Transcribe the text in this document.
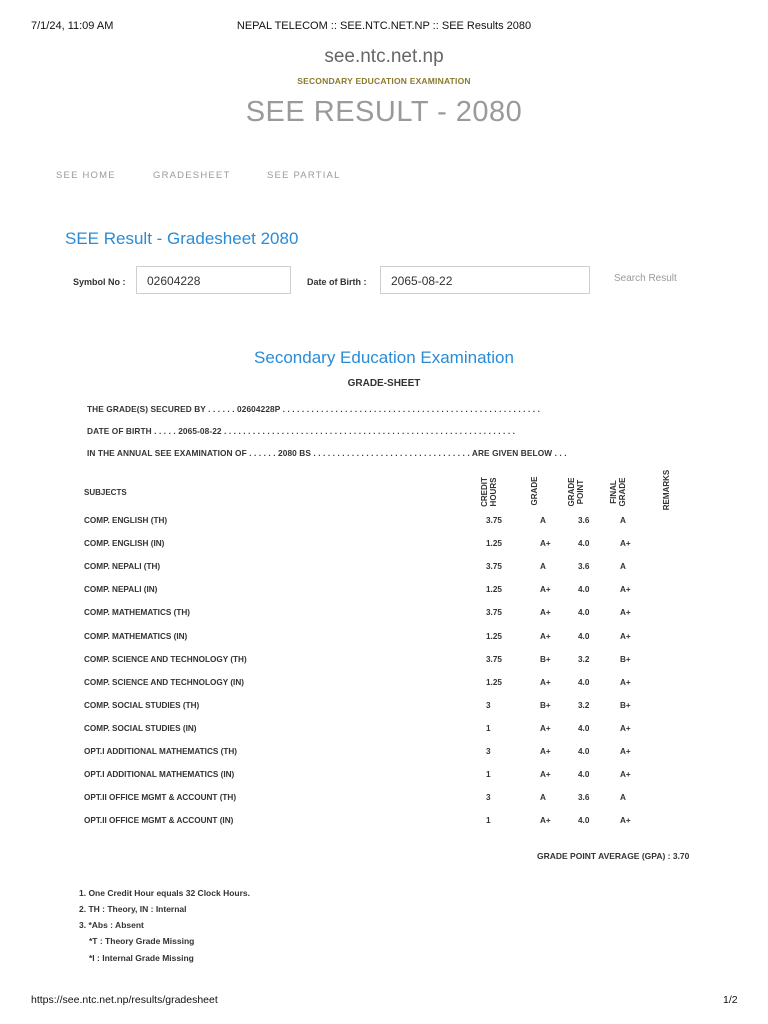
7/1/24, 11:09 AM	NEPAL TELECOM :: SEE.NTC.NET.NP :: SEE Results 2080
see.ntc.net.np
SECONDARY EDUCATION EXAMINATION
SEE RESULT - 2080
SEE HOME	GRADESHEET	SEE PARTIAL
SEE Result - Gradesheet 2080
Symbol No :	02604228	Date of Birth :	2065-08-22	Search Result
Secondary Education Examination
GRADE-SHEET
THE GRADE(S) SECURED BY . . . . . . 02604228P . . . . . . . . . . . . . . . . . . . . . . . . . . . . . . . . . . . . . . . . . . . . . . . . . . . . . .
DATE OF BIRTH . . . . . 2065-08-22 . . . . . . . . . . . . . . . . . . . . . . . . . . . . . . . . . . . . . . . . . . . . . . . . . . . . . . . . . . . . .
IN THE ANNUAL SEE EXAMINATION OF . . . . . . 2080 BS . . . . . . . . . . . . . . . . . . . . . . . . . . . . . . . . . ARE GIVEN BELOW . . .
SUBJECTS	CREDIT HOURS	GRADE	GRADE POINT	FINAL GRADE	REMARKS
COMP. ENGLISH (TH)	3.75	A	3.6	A
COMP. ENGLISH (IN)	1.25	A+	4.0	A+
COMP. NEPALI (TH)	3.75	A	3.6	A
COMP. NEPALI (IN)	1.25	A+	4.0	A+
COMP. MATHEMATICS (TH)	3.75	A+	4.0	A+
COMP. MATHEMATICS (IN)	1.25	A+	4.0	A+
COMP. SCIENCE AND TECHNOLOGY (TH)	3.75	B+	3.2	B+
COMP. SCIENCE AND TECHNOLOGY (IN)	1.25	A+	4.0	A+
COMP. SOCIAL STUDIES (TH)	3	B+	3.2	B+
COMP. SOCIAL STUDIES (IN)	1	A+	4.0	A+
OPT.I ADDITIONAL MATHEMATICS (TH)	3	A+	4.0	A+
OPT.I ADDITIONAL MATHEMATICS (IN)	1	A+	4.0	A+
OPT.II OFFICE MGMT & ACCOUNT (TH)	3	A	3.6	A
OPT.II OFFICE MGMT & ACCOUNT (IN)	1	A+	4.0	A+
GRADE POINT AVERAGE (GPA) : 3.70
1. One Credit Hour equals 32 Clock Hours.
2. TH : Theory, IN : Internal
3. *Abs : Absent
*T : Theory Grade Missing
*I : Internal Grade Missing
https://see.ntc.net.np/results/gradesheet	1/2
